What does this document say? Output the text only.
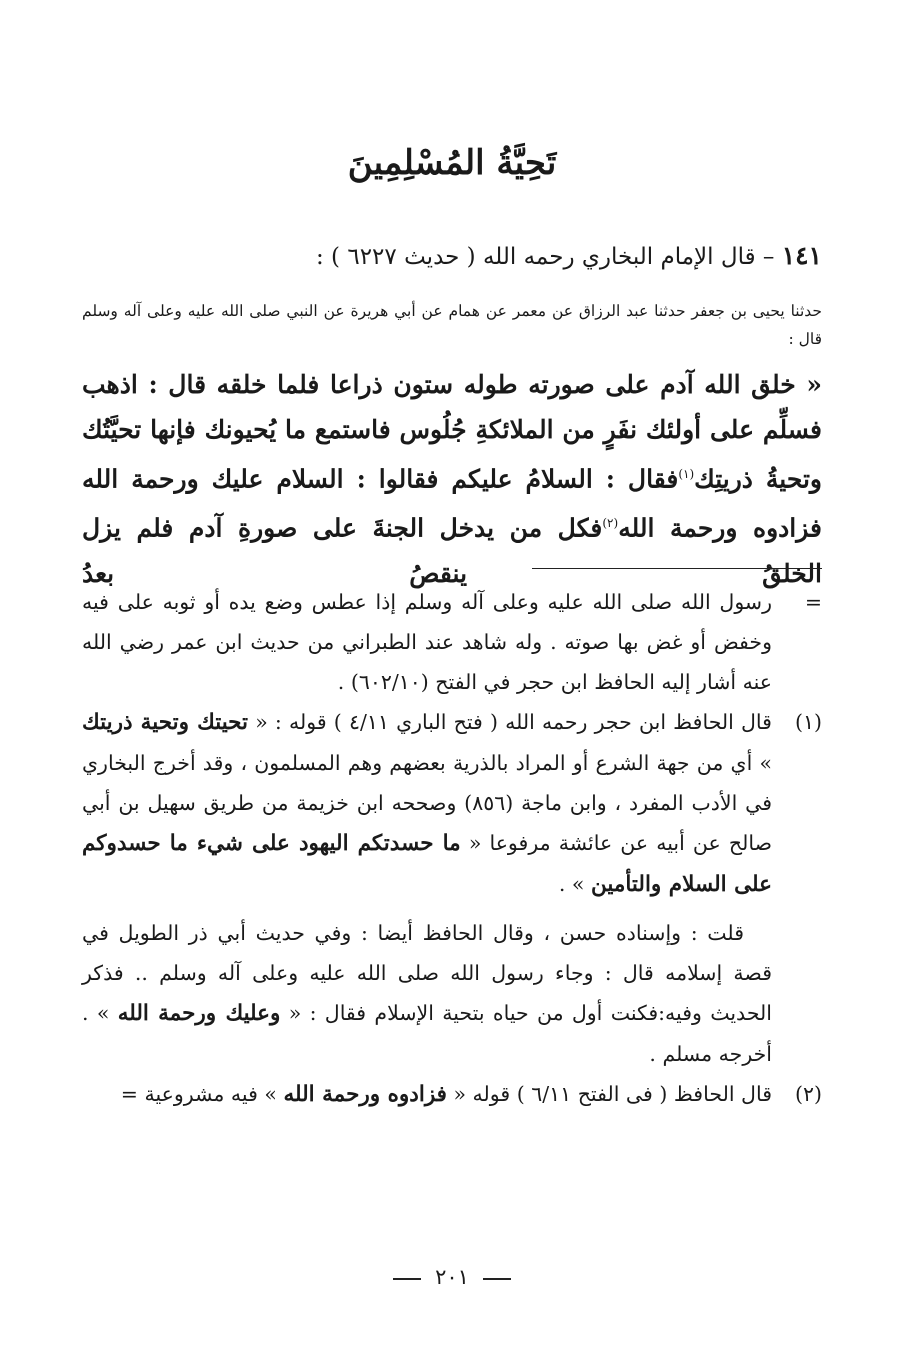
تَحِيَّةُ المُسْلِمِينَ
١٤١ – قال الإمام البخاري رحمه الله ( حديث ٦٢٢٧ ) :
حدثنا يحيى بن جعفر حدثنا عبد الرزاق عن معمر عن همام عن أبي هريرة عن النبي صلى الله عليه وعلى آله وسلم قال :
« خلق الله آدم على صورته طوله ستون ذراعا فلما خلقه قال : اذهب فسلِّم على أولئك نفَرٍ من الملائكةِ جُلُوس فاستمع ما يُحيونك فإنها تحيَّتُك وتحيةُ ذريتِك$^{(١)}$فقال : السلامُ عليكم فقالوا : السلام عليك ورحمة الله فزادوه ورحمة الله$^{(٢)}$فكل من يدخل الجنةَ على صورةِ آدم فلم يزل الخلقُ ينقصُ بعدُ
=
رسول الله صلى الله عليه وعلى آله وسلم إذا عطس وضع يده أو ثوبه على فيه وخفض أو غض بها صوته . وله شاهد عند الطبراني من حديث ابن عمر رضي الله عنه أشار إليه الحافظ ابن حجر في الفتح (٦٠٢/١٠) .
(١)
قال الحافظ ابن حجر رحمه الله ( فتح الباري ٤/١١ ) قوله : « تحيتك وتحية ذريتك » أي من جهة الشرع أو المراد بالذرية بعضهم وهم المسلمون ، وقد أخرج البخاري في الأدب المفرد ، وابن ماجة (٨٥٦) وصححه ابن خزيمة من طريق سهيل بن أبي صالح عن أبيه عن عائشة مرفوعا « ما حسدتكم اليهود على شيء ما حسدوكم على السلام والتأمين » .
قلت : وإسناده حسن ، وقال الحافظ أيضا : وفي حديث أبي ذر الطويل في قصة إسلامه قال : وجاء رسول الله صلى الله عليه وعلى آله وسلم .. فذكر الحديث وفيه:فكنت أول من حياه بتحية الإسلام فقال : « وعليك ورحمة الله » . أخرجه مسلم .
(٢)
قال الحافظ ( فى الفتح ٦/١١ ) قوله « فزادوه ورحمة الله » فيه مشروعية =
٢٠١
